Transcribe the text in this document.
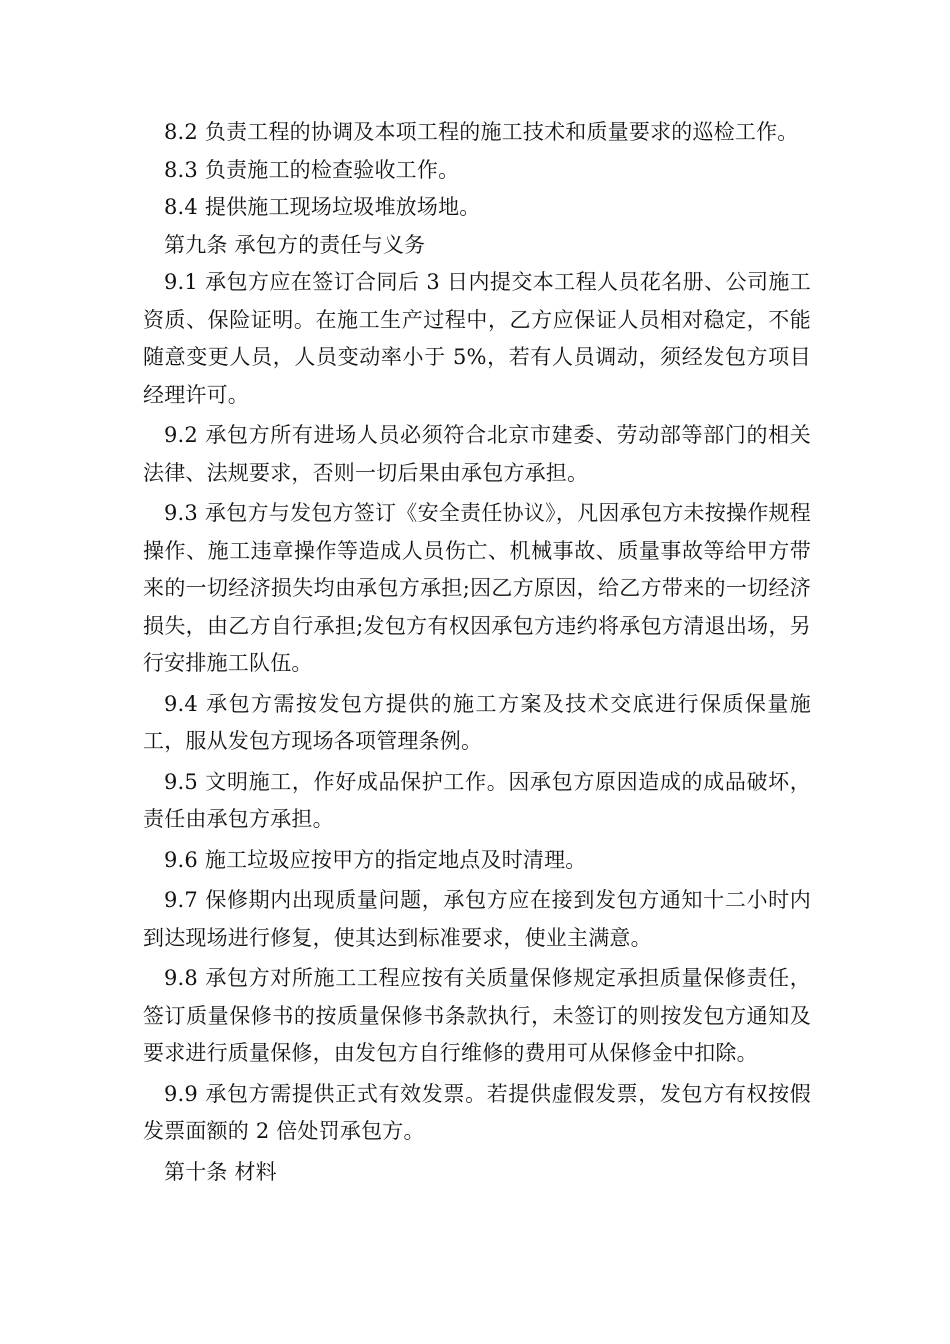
8.2 负责工程的协调及本项工程的施工技术和质量要求的巡检工作。

8.3 负责施工的检查验收工作。

8.4 提供施工现场垃圾堆放场地。

第九条 承包方的责任与义务

9.1 承包方应在签订合同后 3 日内提交本工程人员花名册、公司施工资质、保险证明。在施工生产过程中，乙方应保证人员相对稳定，不能随意变更人员，人员变动率小于 5%，若有人员调动，须经发包方项目经理许可。

9.2 承包方所有进场人员必须符合北京市建委、劳动部等部门的相关法律、法规要求，否则一切后果由承包方承担。

9.3 承包方与发包方签订《安全责任协议》，凡因承包方未按操作规程操作、施工违章操作等造成人员伤亡、机械事故、质量事故等给甲方带来的一切经济损失均由承包方承担;因乙方原因，给乙方带来的一切经济损失，由乙方自行承担;发包方有权因承包方违约将承包方清退出场，另行安排施工队伍。

9.4 承包方需按发包方提供的施工方案及技术交底进行保质保量施工，服从发包方现场各项管理条例。

9.5 文明施工，作好成品保护工作。因承包方原因造成的成品破坏，责任由承包方承担。

9.6 施工垃圾应按甲方的指定地点及时清理。

9.7 保修期内出现质量问题，承包方应在接到发包方通知十二小时内到达现场进行修复，使其达到标准要求，使业主满意。

9.8 承包方对所施工工程应按有关质量保修规定承担质量保修责任，签订质量保修书的按质量保修书条款执行，未签订的则按发包方通知及要求进行质量保修，由发包方自行维修的费用可从保修金中扣除。

9.9 承包方需提供正式有效发票。若提供虚假发票，发包方有权按假发票面额的 2 倍处罚承包方。

第十条 材料
